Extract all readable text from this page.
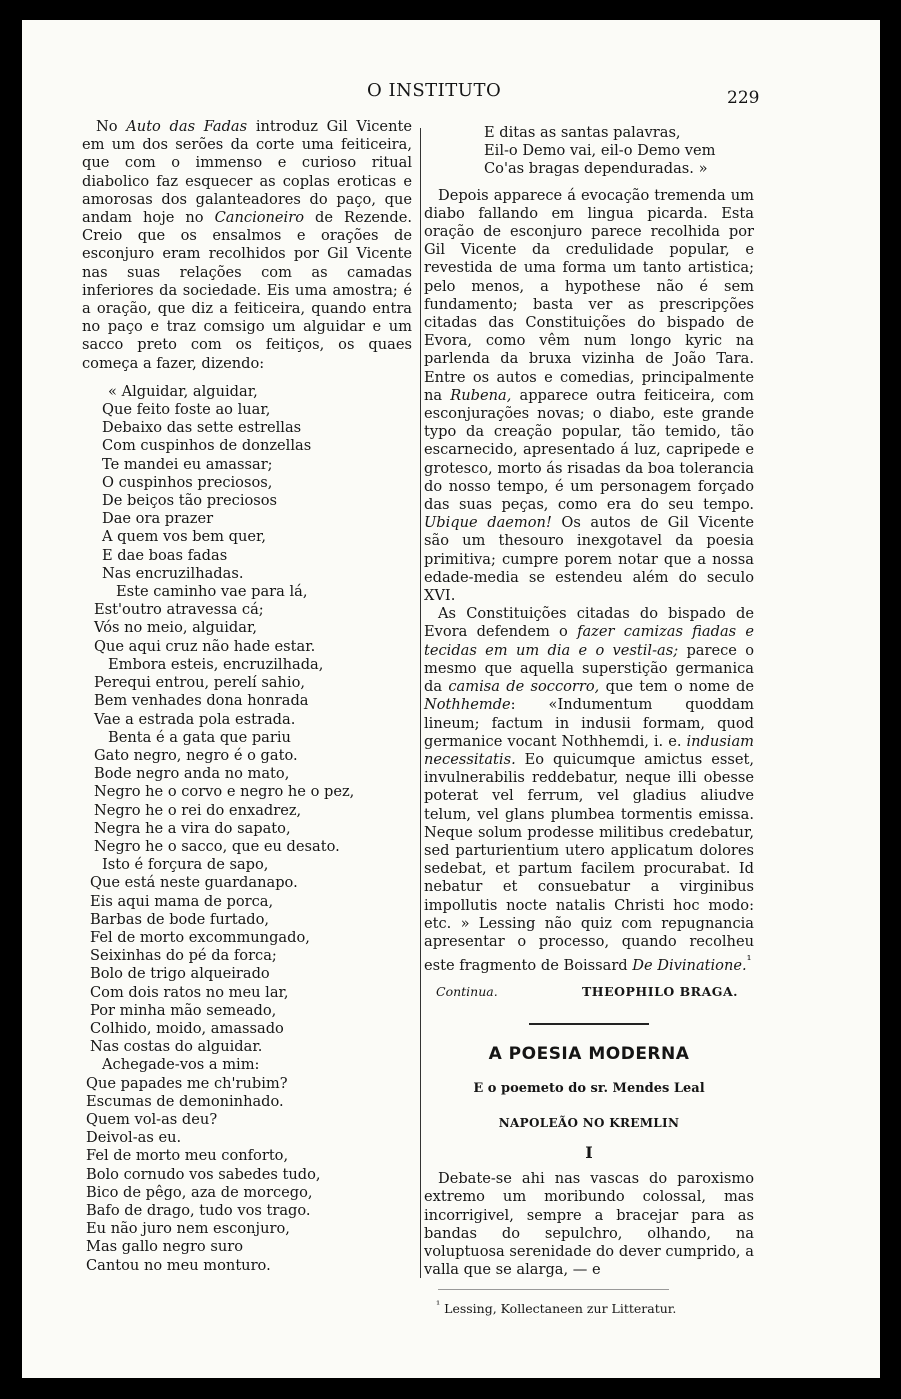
O INSTITUTO	229

No Auto das Fadas introduz Gil Vicente em um dos serões da corte uma feiticeira, que com o immenso e curioso ritual diabolico faz esquecer as coplas eroticas e amorosas dos galanteadores do paço, que andam hoje no Cancioneiro de Rezende. Creio que os ensalmos e orações de esconjuro eram recolhidos por Gil Vicente nas suas relações com as camadas inferiores da sociedade. Eis uma amostra; é a oração, que diz a feiticeira, quando entra no paço e traz comsigo um alguidar e um sacco preto com os feitiços, os quaes começa a fazer, dizendo:

« Alguidar, alguidar,
Que feito foste ao luar,
Debaixo das sette estrellas
Com cuspinhos de donzellas
Te mandei eu amassar;
O cuspinhos preciosos,
De beiços tão preciosos
Dae ora prazer
A quem vos bem quer,
E dae boas fadas
Nas encruzilhadas.
Este caminho vae para lá,
Est'outro atravessa cá;
Vós no meio, alguidar,
Que aqui cruz não hade estar.
Embora esteis, encruzilhada,
Perequi entrou, perelí sahio,
Bem venhades dona honrada
Vae a estrada pola estrada.
Benta é a gata que pariu
Gato negro, negro é o gato.
Bode negro anda no mato,
Negro he o corvo e negro he o pez,
Negro he o rei do enxadrez,
Negra he a vira do sapato,
Negro he o sacco, que eu desato.
Isto é forçura de sapo,
Que está neste guardanapo.
Eis aqui mama de porca,
Barbas de bode furtado,
Fel de morto excommungado,
Seixinhas do pé da forca;
Bolo de trigo alqueirado
Com dois ratos no meu lar,
Por minha mão semeado,
Colhido, moido, amassado
Nas costas do alguidar.
Achegade-vos a mim:
Que papades me ch'rubim?
Escumas de demoninhado.
Quem vol-as deu?
Deivol-as eu.
Fel de morto meu conforto,
Bolo cornudo vos sabedes tudo,
Bico de pêgo, aza de morcego,
Bafo de drago, tudo vos trago.
Eu não juro nem esconjuro,
Mas gallo negro suro
Cantou no meu monturo.
E ditas as santas palavras,
Eil-o Demo vai, eil-o Demo vem
Co'as bragas dependuradas. »

Depois apparece á evocação tremenda um diabo fallando em lingua picarda. Esta oração de esconjuro parece recolhida por Gil Vicente da credulidade popular, e revestida de uma forma um tanto artistica; pelo menos, a hypothese não é sem fundamento; basta ver as prescripções citadas das Constituições do bispado de Evora, como vêm num longo kyric na parlenda da bruxa vizinha de João Tara. Entre os autos e comedias, principalmente na Rubena, apparece outra feiticeira, com esconjurações novas; o diabo, este grande typo da creação popular, tão temido, tão escarnecido, apresentado á luz, capripede e grotesco, morto ás risadas da boa tolerancia do nosso tempo, é um personagem forçado das suas peças, como era do seu tempo. Ubique daemon! Os autos de Gil Vicente são um thesouro inexgotavel da poesia primitiva; cumpre porem notar que a nossa edade-media se estendeu além do seculo XVI.

As Constituições citadas do bispado de Evora defendem o fazer camizas fiadas e tecidas em um dia e o vestil-as; parece o mesmo que aquella superstição germanica da camisa de soccorro, que tem o nome de Nothhemde: «Indumentum quoddam lineum; factum in indusii formam, quod germanice vocant Nothhemdi, i. e. indusiam necessitatis. Eo quicumque amictus esset, invulnerabilis reddebatur, neque illi obesse poterat vel ferrum, vel gladius aliudve telum, vel glans plumbea tormentis emissa. Neque solum prodesse militibus credebatur, sed parturientium utero applicatum dolores sedebat, et partum facilem procurabat. Id nebatur et consuebatur a virginibus impollutis nocte natalis Christi hoc modo: etc. » Lessing não quiz com repugnancia apresentar o processo, quando recolheu este fragmento de Boissard De Divinatione.$^{^1}$

Continua.	THEOPHILO BRAGA.
A POESIA MODERNA
E o poemeto do sr. Mendes Leal
NAPOLEÃO NO KREMLIN
I

Debate-se ahi nas vascas do paroxismo extremo um moribundo colossal, mas incorrigivel, sempre a bracejar para as bandas do sepulchro, olhando, na voluptuosa serenidade do dever cumprido, a valla que se alarga, — e

$^{^1}$ Lessing, Kollectaneen zur Litteratur.
